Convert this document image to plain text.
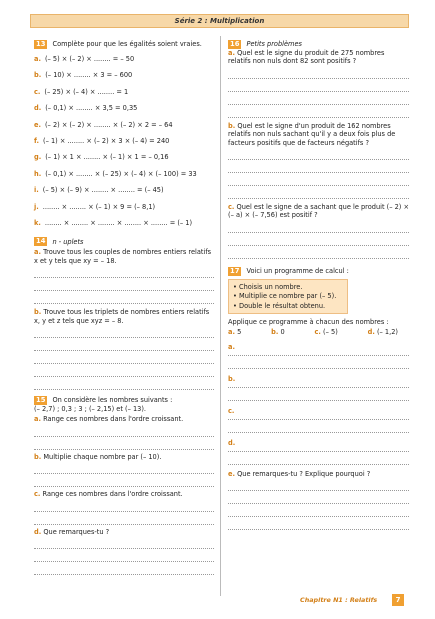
Série 2 : Multiplication
13	Complète pour que les égalités soient vraies.
a. (– 5) × (– 2) × ........ = – 50
b. (– 10) × ........ × 3 = – 600
c. (– 25) × (– 4) × ........ = 1
d. (– 0,1) × ........ × 3,5 = 0,35
e. (– 2) × (– 2) × ........ × (– 2) × 2 = – 64
f. (– 1) × ........ × (– 2) × 3 × (– 4) = 240
g. (– 1) × 1 × ........ × (– 1) × 1 = – 0,16
h. (– 0,1) × ........ × (– 25) × (– 4) × (– 100) = 33
i. (– 5) × (– 9) × ........ × ........ = (– 45)
j. ........ × ........ × (– 1) × 9 = (– 8,1)
k. ........ × ........ × ........ × ........ × ........ = (– 1)
14	n - uplets
a. Trouve tous les couples de nombres entiers relatifs x et y tels que xy = – 18.
b. Trouve tous les triplets de nombres entiers relatifs x, y et z tels que xyz = – 8.
15	On considère les nombres suivants :
(– 2,7) ; 0,3 ; 3 ; (– 2,15) et (– 13).
a. Range ces nombres dans l'ordre croissant.
b. Multiplie chaque nombre par (– 10).
c. Range ces nombres dans l'ordre croissant.
d. Que remarques-tu ?
16	Petits problèmes
a. Quel est le signe du produit de 275 nombres relatifs non nuls dont 82 sont positifs ?
b. Quel est le signe d'un produit de 162 nombres relatifs non nuls sachant qu'il y a deux fois plus de facteurs positifs que de facteurs négatifs ?
c. Quel est le signe de a sachant que le produit (– 2) × (– a) × (– 7,56) est positif ?
17	Voici un programme de calcul :
• Choisis un nombre.
• Multiplie ce nombre par (– 5).
• Double le résultat obtenu.
Applique ce programme à chacun des nombres :
a. 5	b. 0	c. (– 5)	d. (– 1,2)
a.
b.
c.
d.
e. Que remarques-tu ? Explique pourquoi ?
Chapitre N1 : Relatifs	7
